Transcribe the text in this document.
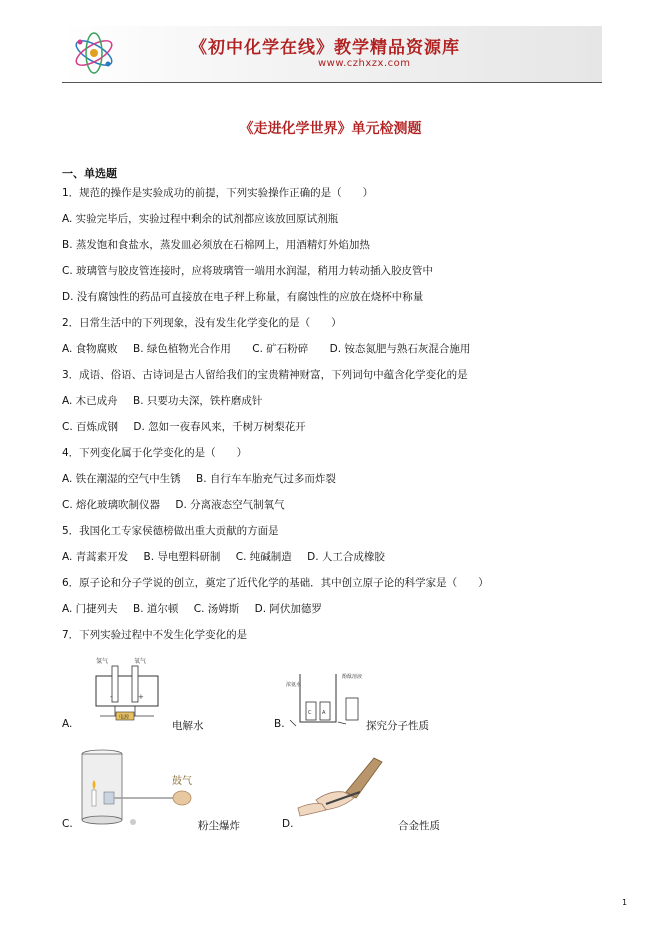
《初中化学在线》教学精品资源库
www.czhxzx.com
《走进化学世界》单元检测题
一、单选题
1．规范的操作是实验成功的前提，下列实验操作正确的是（　　）
A. 实验完毕后，实验过程中剩余的试剂都应该放回原试剂瓶
B. 蒸发饱和食盐水，蒸发皿必须放在石棉网上，用酒精灯外焰加热
C. 玻璃管与胶皮管连接时，应将玻璃管一端用水润湿，稍用力转动插入胶皮管中
D. 没有腐蚀性的药品可直接放在电子秤上称量，有腐蚀性的应放在烧杯中称量
2．日常生活中的下列现象，没有发生化学变化的是（　　）
A. 食物腐败 B. 绿色植物光合作用 C. 矿石粉碎 D. 铵态氮肥与熟石灰混合施用
3．成语、俗语、古诗词是古人留给我们的宝贵精神财富，下列词句中蕴含化学变化的是
A. 木已成舟 B. 只要功夫深，铁杵磨成针
C. 百炼成钢 D. 忽如一夜春风来，千树万树梨花开
4．下列变化属于化学变化的是（　　）
A. 铁在潮湿的空气中生锈 B. 自行车车胎充气过多而炸裂
C. 熔化玻璃吹制仪器 D. 分离液态空气制氧气
5．我国化工专家侯德榜做出重大贡献的方面是
A. 青蒿素开发 B. 导电塑料研制 C. 纯碱制造 D. 人工合成橡胶
6．原子论和分子学说的创立，奠定了近代化学的基础．其中创立原子论的科学家是（　　）
A. 门捷列夫 B. 道尔顿 C. 汤姆斯 D. 阿伏加德罗
7．下列实验过程中不发生化学变化的是
A.
氢气	氧气
-	+
电源
电解水	B.
浓氨水
酚酞溶液
C A
探究分子性质
C.
鼓气
粉尘爆炸	D.	合金性质
1
